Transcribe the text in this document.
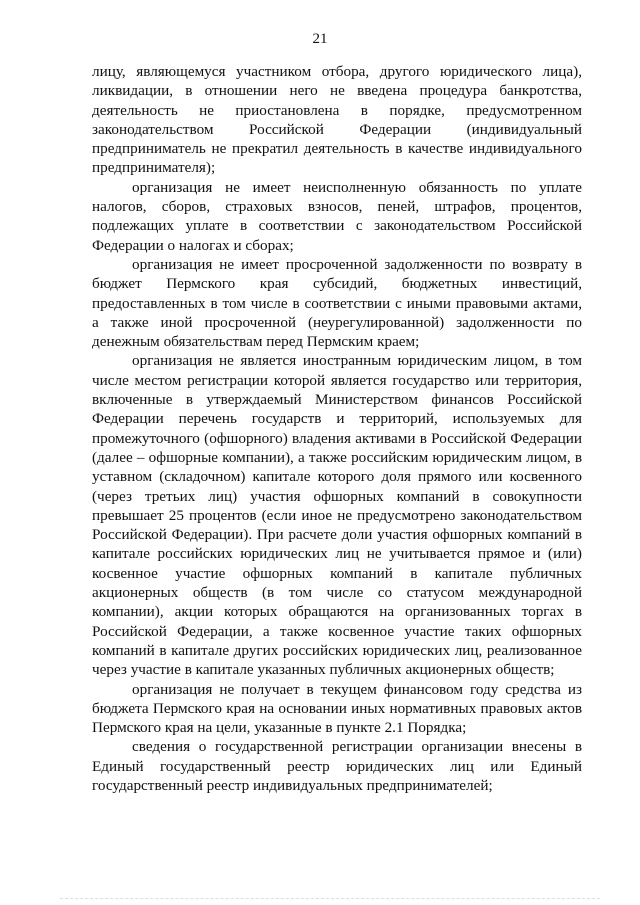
21

лицу, являющемуся участником отбора, другого юридического лица), ликвидации, в отношении него не введена процедура банкротства, деятельность не приостановлена в порядке, предусмотренном законодательством Российской Федерации (индивидуальный предприниматель не прекратил деятельность в качестве индивидуального предпринимателя);

организация не имеет неисполненную обязанность по уплате налогов, сборов, страховых взносов, пеней, штрафов, процентов, подлежащих уплате в соответствии с законодательством Российской Федерации о налогах и сборах;

организация не имеет просроченной задолженности по возврату в бюджет Пермского края субсидий, бюджетных инвестиций, предоставленных в том числе в соответствии с иными правовыми актами, а также иной просроченной (неурегулированной) задолженности по денежным обязательствам перед Пермским краем;

организация не является иностранным юридическим лицом, в том числе местом регистрации которой является государство или территория, включенные в утверждаемый Министерством финансов Российской Федерации перечень государств и территорий, используемых для промежуточного (офшорного) владения активами в Российской Федерации (далее – офшорные компании), а также российским юридическим лицом, в уставном (складочном) капитале которого доля прямого или косвенного (через третьих лиц) участия офшорных компаний в совокупности превышает 25 процентов (если иное не предусмотрено законодательством Российской Федерации). При расчете доли участия офшорных компаний в капитале российских юридических лиц не учитывается прямое и (или) косвенное участие офшорных компаний в капитале публичных акционерных обществ (в том числе со статусом международной компании), акции которых обращаются на организованных торгах в Российской Федерации, а также косвенное участие таких офшорных компаний в капитале других российских юридических лиц, реализованное через участие в капитале указанных публичных акционерных обществ;

организация не получает в текущем финансовом году средства из бюджета Пермского края на основании иных нормативных правовых актов Пермского края на цели, указанные в пункте 2.1 Порядка;

сведения о государственной регистрации организации внесены в Единый государственный реестр юридических лиц или Единый государственный реестр индивидуальных предпринимателей;
